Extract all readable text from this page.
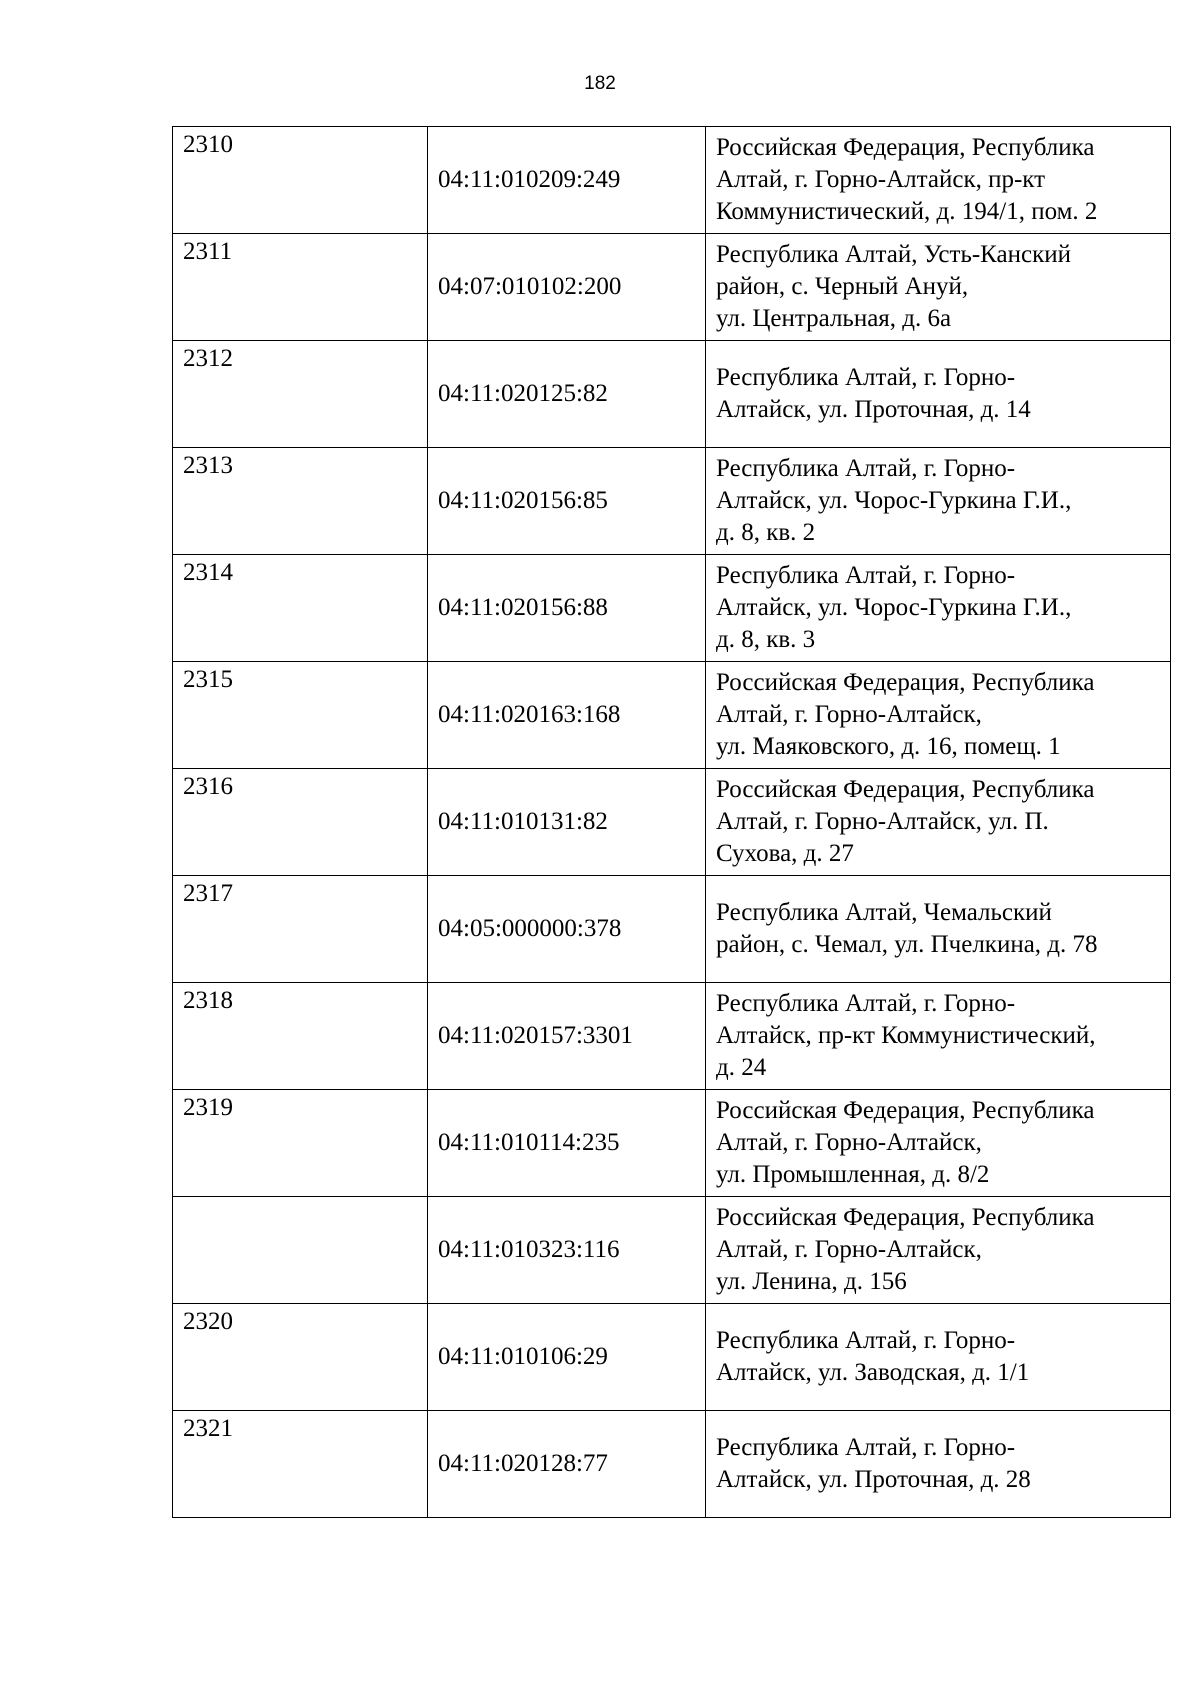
182
2310	04:11:010209:249	Российская Федерация, Республика
Алтай, г. Горно-Алтайск, пр-кт
Коммунистический, д. 194/1, пом. 2

2311	04:07:010102:200	Республика Алтай, Усть-Канский
район, с. Черный Ануй,
ул. Центральная, д. 6а

2312	04:11:020125:82	Республика Алтай, г. Горно-
Алтайск, ул. Проточная, д. 14

2313	04:11:020156:85	Республика Алтай, г. Горно-
Алтайск, ул. Чорос-Гуркина Г.И.,
д. 8, кв. 2

2314	04:11:020156:88	Республика Алтай, г. Горно-
Алтайск, ул. Чорос-Гуркина Г.И.,
д. 8, кв. 3

2315	04:11:020163:168	Российская Федерация, Республика
Алтай, г. Горно-Алтайск,
ул. Маяковского, д. 16, помещ. 1

2316	04:11:010131:82	Российская Федерация, Республика
Алтай, г. Горно-Алтайск, ул. П.
Сухова, д. 27

2317	04:05:000000:378	Республика Алтай, Чемальский
район, с. Чемал, ул. Пчелкина, д. 78

2318	04:11:020157:3301	Республика Алтай, г. Горно-
Алтайск, пр-кт Коммунистический,
д. 24

2319	04:11:010114:235	Российская Федерация, Республика
Алтай, г. Горно-Алтайск,
ул. Промышленная, д. 8/2

	04:11:010323:116	Российская Федерация, Республика
Алтай, г. Горно-Алтайск,
ул. Ленина, д. 156

2320	04:11:010106:29	Республика Алтай, г. Горно-
Алтайск, ул. Заводская, д. 1/1

2321	04:11:020128:77	Республика Алтай, г. Горно-
Алтайск, ул. Проточная, д. 28
